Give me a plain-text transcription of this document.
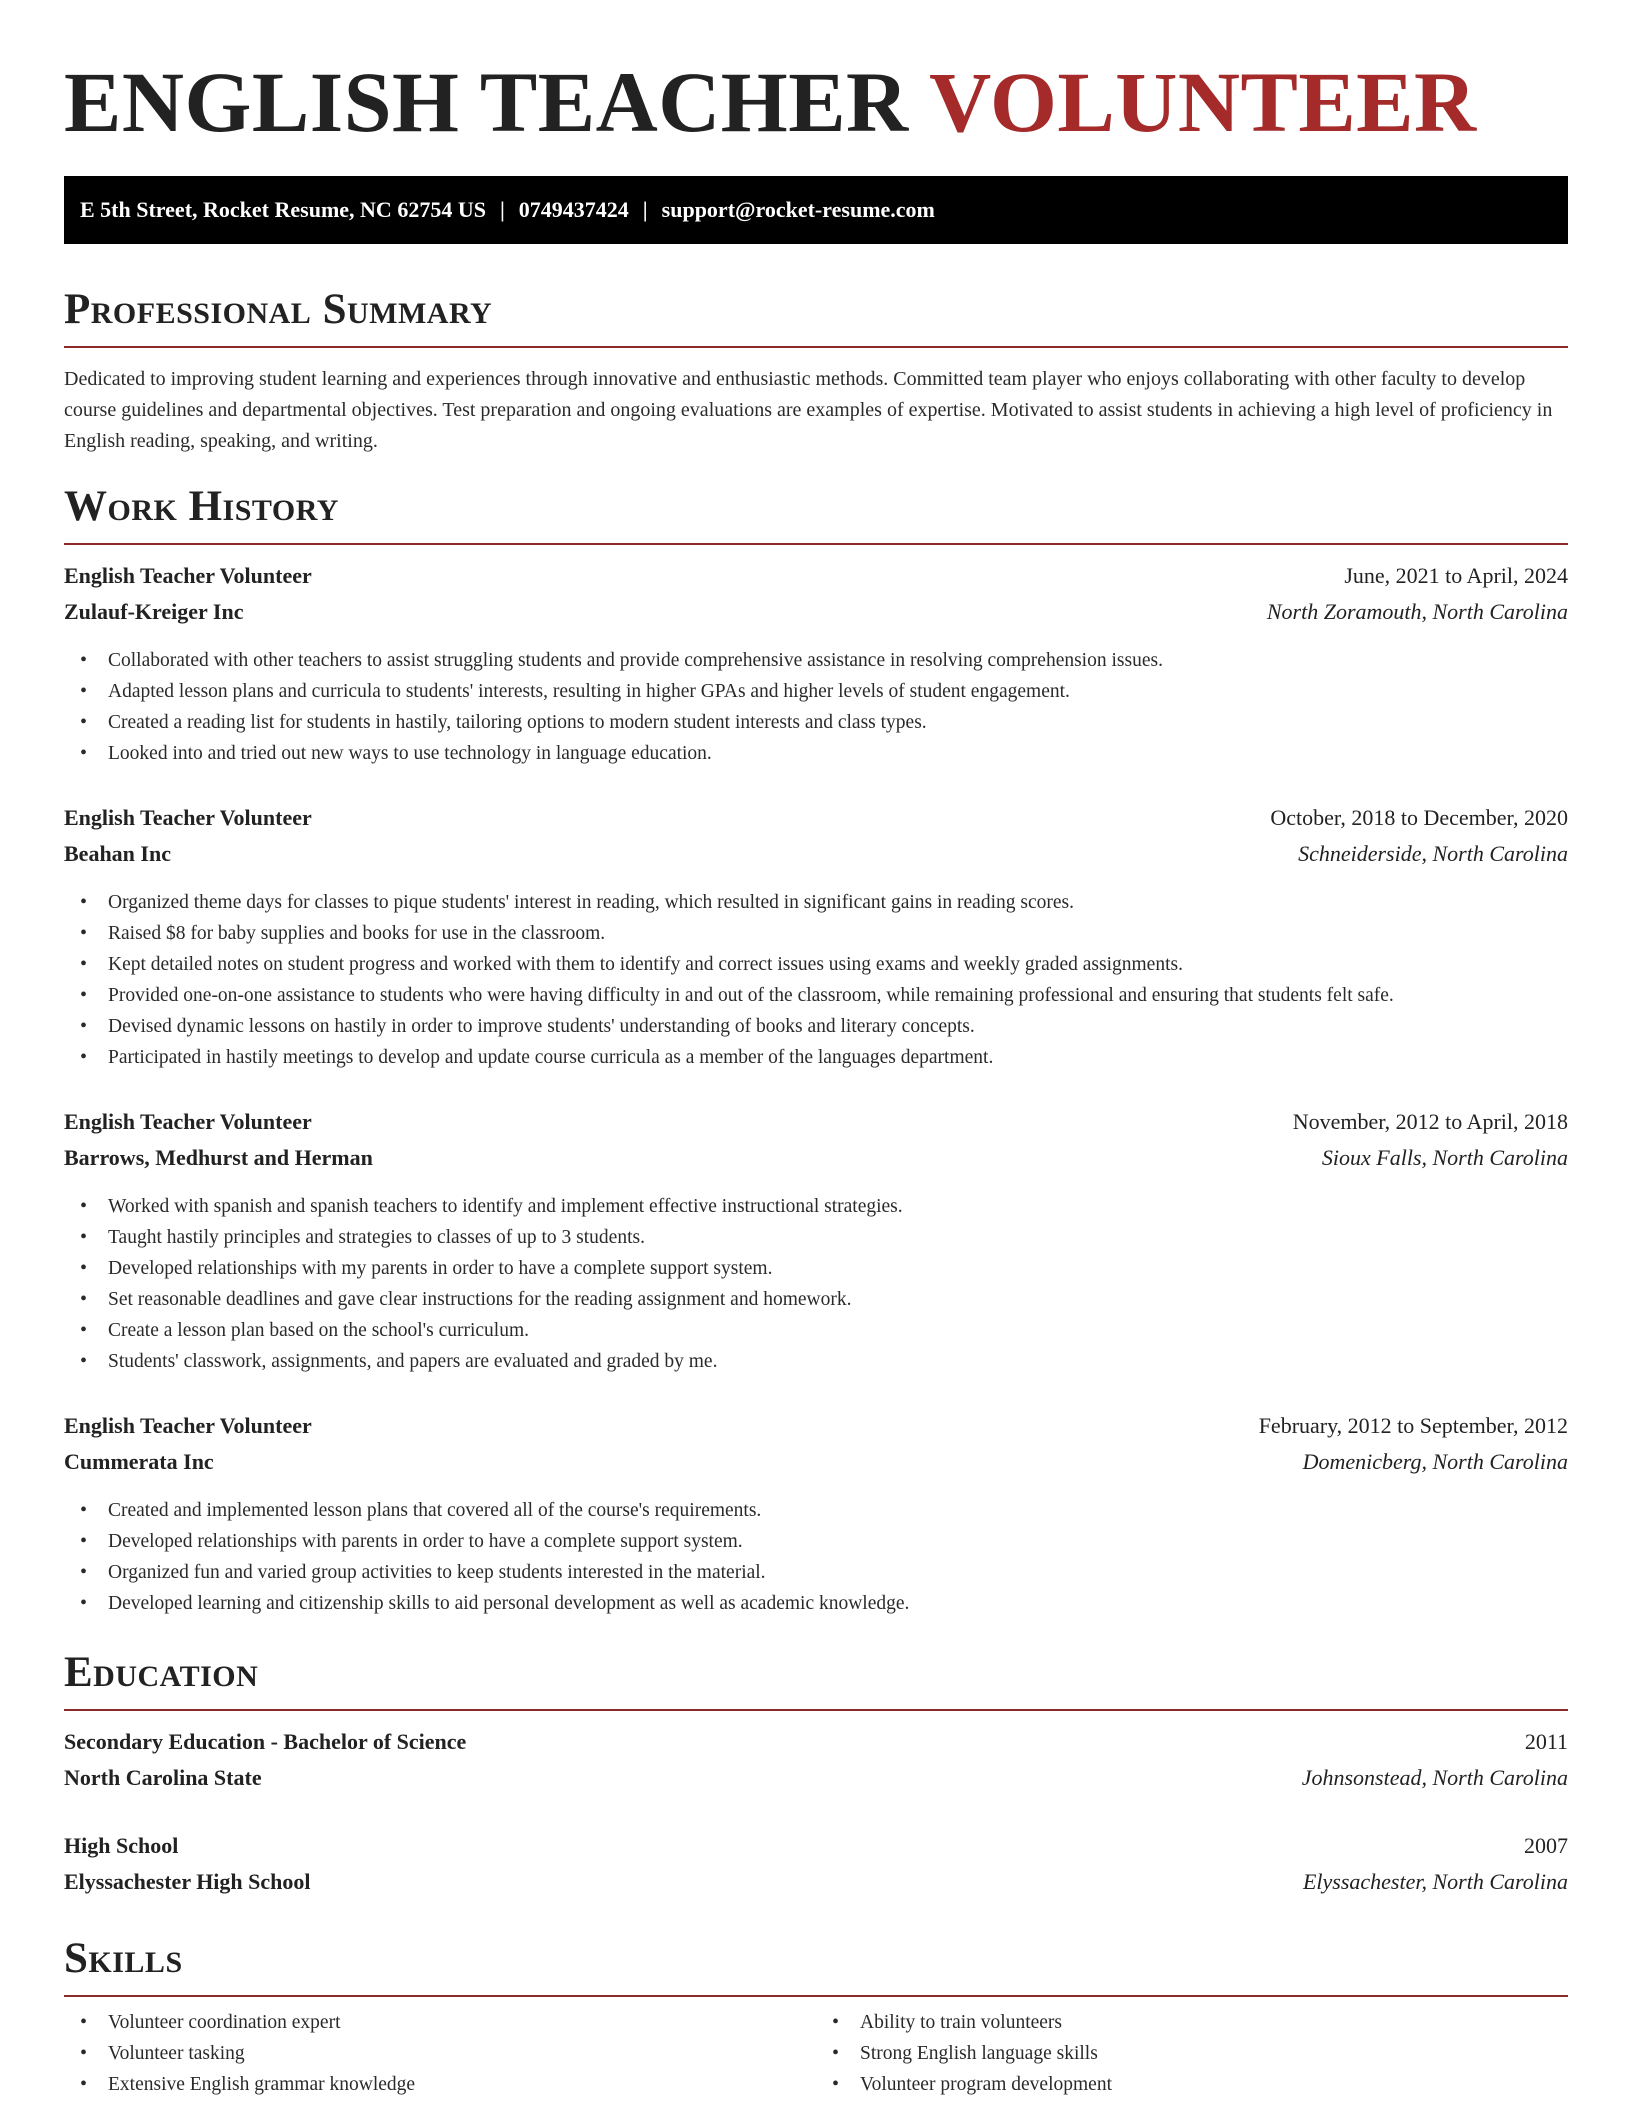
ENGLISH TEACHER VOLUNTEER
E 5th Street, Rocket Resume, NC 62754 US | 0749437424 | support@rocket-resume.com
Professional Summary

Dedicated to improving student learning and experiences through innovative and enthusiastic methods. Committed team player who enjoys collaborating with other faculty to develop course guidelines and departmental objectives. Test preparation and ongoing evaluations are examples of expertise. Motivated to assist students in achieving a high level of proficiency in English reading, speaking, and writing.

Work History
English Teacher Volunteer	June, 2021 to April, 2024
Zulauf-Kreiger Inc	North Zoramouth, North Carolina
• Collaborated with other teachers to assist struggling students and provide comprehensive assistance in resolving comprehension issues.
• Adapted lesson plans and curricula to students' interests, resulting in higher GPAs and higher levels of student engagement.
• Created a reading list for students in hastily, tailoring options to modern student interests and class types.
• Looked into and tried out new ways to use technology in language education.
English Teacher Volunteer	October, 2018 to December, 2020
Beahan Inc	Schneiderside, North Carolina
• Organized theme days for classes to pique students' interest in reading, which resulted in significant gains in reading scores.
• Raised $8 for baby supplies and books for use in the classroom.
• Kept detailed notes on student progress and worked with them to identify and correct issues using exams and weekly graded assignments.
• Provided one-on-one assistance to students who were having difficulty in and out of the classroom, while remaining professional and ensuring that students felt safe.
• Devised dynamic lessons on hastily in order to improve students' understanding of books and literary concepts.
• Participated in hastily meetings to develop and update course curricula as a member of the languages department.
English Teacher Volunteer	November, 2012 to April, 2018
Barrows, Medhurst and Herman	Sioux Falls, North Carolina
• Worked with spanish and spanish teachers to identify and implement effective instructional strategies.
• Taught hastily principles and strategies to classes of up to 3 students.
• Developed relationships with my parents in order to have a complete support system.
• Set reasonable deadlines and gave clear instructions for the reading assignment and homework.
• Create a lesson plan based on the school's curriculum.
• Students' classwork, assignments, and papers are evaluated and graded by me.
English Teacher Volunteer	February, 2012 to September, 2012
Cummerata Inc	Domenicberg, North Carolina
• Created and implemented lesson plans that covered all of the course's requirements.
• Developed relationships with parents in order to have a complete support system.
• Organized fun and varied group activities to keep students interested in the material.
• Developed learning and citizenship skills to aid personal development as well as academic knowledge.
Education
Secondary Education - Bachelor of Science	2011
North Carolina State	Johnsonstead, North Carolina
High School	2007
Elyssachester High School	Elyssachester, North Carolina
Skills
• Volunteer coordination expert
• Volunteer tasking
• Extensive English grammar knowledge
• Ability to train volunteers
• Strong English language skills
• Volunteer program development
